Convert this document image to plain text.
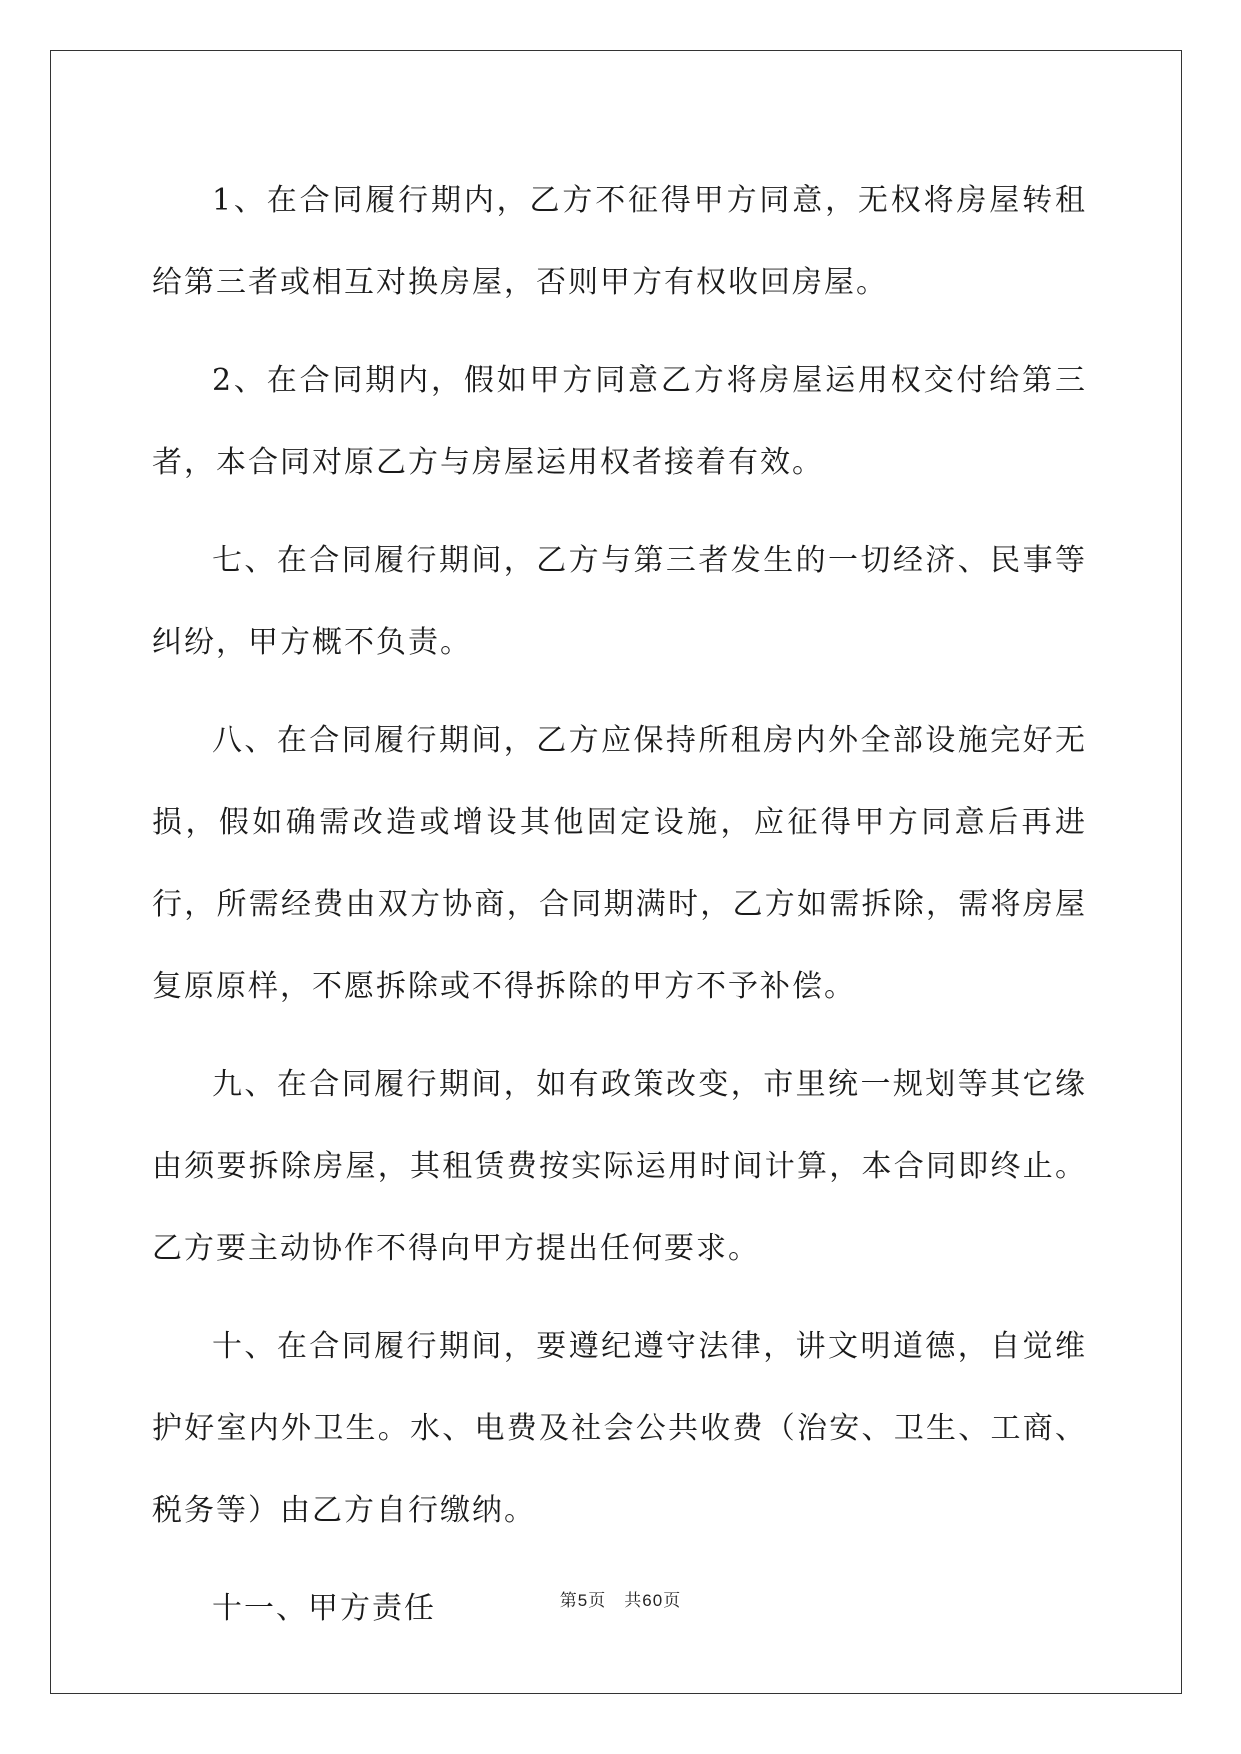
1、在合同履行期内，乙方不征得甲方同意，无权将房屋转租给第三者或相互对换房屋，否则甲方有权收回房屋。

2、在合同期内，假如甲方同意乙方将房屋运用权交付给第三者，本合同对原乙方与房屋运用权者接着有效。

七、在合同履行期间，乙方与第三者发生的一切经济、民事等纠纷，甲方概不负责。

八、在合同履行期间，乙方应保持所租房内外全部设施完好无损，假如确需改造或增设其他固定设施，应征得甲方同意后再进行，所需经费由双方协商，合同期满时，乙方如需拆除，需将房屋复原原样，不愿拆除或不得拆除的甲方不予补偿。

九、在合同履行期间，如有政策改变，市里统一规划等其它缘由须要拆除房屋，其租赁费按实际运用时间计算，本合同即终止。乙方要主动协作不得向甲方提出任何要求。

十、在合同履行期间，要遵纪遵守法律，讲文明道德，自觉维护好室内外卫生。水、电费及社会公共收费（治安、卫生、工商、税务等）由乙方自行缴纳。

十一、甲方责任	第5页 共60页
